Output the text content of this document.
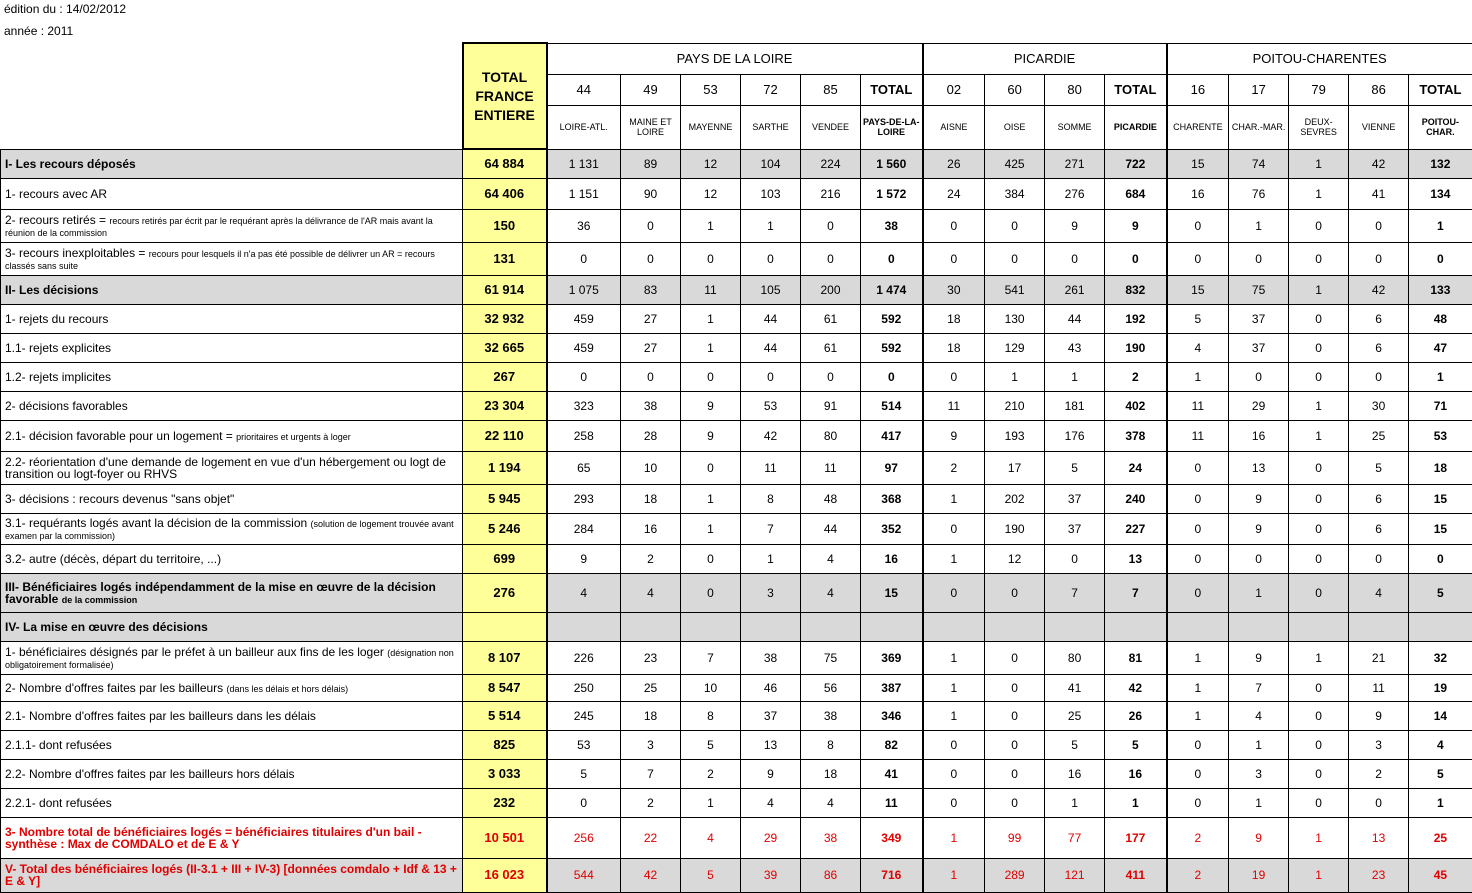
édition du : 14/02/2012
année : 2011
	TOTAL FRANCE ENTIERE	PAYS DE LA LOIRE						PICARDIE				POITOU-CHARENTES				
		44	49	53	72	85	TOTAL	02	60	80	TOTAL	16	17	79	86	TOTAL
		LOIRE-ATL.	MAINE ET LOIRE	MAYENNE	SARTHE	VENDEE	PAYS-DE-LA-LOIRE	AISNE	OISE	SOMME	PICARDIE	CHARENTE	CHAR.-MAR.	DEUX-SEVRES	VIENNE	POITOU-CHAR.
I- Les recours déposés	64 884	1 131	89	12	104	224	1 560	26	425	271	722	15	74	1	42	132
1- recours avec AR	64 406	1 151	90	12	103	216	1 572	24	384	276	684	16	76	1	41	134
2- recours retirés = recours retirés par écrit par le requérant après la délivrance de l'AR mais avant la réunion de la commission	150	36	0	1	1	0	38	0	0	9	9	0	1	0	0	1
3- recours inexploitables = recours pour lesquels il n'a pas été possible de délivrer un AR = recours classés sans suite	131	0	0	0	0	0	0	0	0	0	0	0	0	0	0	0
II- Les décisions	61 914	1 075	83	11	105	200	1 474	30	541	261	832	15	75	1	42	133
1- rejets du recours	32 932	459	27	1	44	61	592	18	130	44	192	5	37	0	6	48
1.1- rejets explicites	32 665	459	27	1	44	61	592	18	129	43	190	4	37	0	6	47
1.2- rejets implicites	267	0	0	0	0	0	0	0	1	1	2	1	0	0	0	1
2- décisions favorables	23 304	323	38	9	53	91	514	11	210	181	402	11	29	1	30	71
2.1- décision favorable pour un logement = prioritaires et urgents à loger	22 110	258	28	9	42	80	417	9	193	176	378	11	16	1	25	53
2.2- réorientation d'une demande de logement en vue d'un hébergement ou logt de transition ou logt-foyer ou RHVS	1 194	65	10	0	11	11	97	2	17	5	24	0	13	0	5	18
3- décisions : recours devenus "sans objet"	5 945	293	18	1	8	48	368	1	202	37	240	0	9	0	6	15
3.1- requérants logés avant la décision de la commission (solution de logement trouvée avant examen par la commission)	5 246	284	16	1	7	44	352	0	190	37	227	0	9	0	6	15
3.2- autre (décès, départ du territoire, ...)	699	9	2	0	1	4	16	1	12	0	13	0	0	0	0	0
III- Bénéficiaires logés indépendamment de la mise en œuvre de la décision favorable de la commission	276	4	4	0	3	4	15	0	0	7	7	0	1	0	4	5
IV- La mise en œuvre des décisions																
1- bénéficiaires désignés par le préfet à un bailleur aux fins de les loger (désignation non obligatoirement formalisée)	8 107	226	23	7	38	75	369	1	0	80	81	1	9	1	21	32
2- Nombre d'offres faites par les bailleurs (dans les délais et hors délais)	8 547	250	25	10	46	56	387	1	0	41	42	1	7	0	11	19
2.1- Nombre d'offres faites par les bailleurs dans les délais	5 514	245	18	8	37	38	346	1	0	25	26	1	4	0	9	14
2.1.1- dont refusées	825	53	3	5	13	8	82	0	0	5	5	0	1	0	3	4
2.2- Nombre d'offres faites par les bailleurs hors délais	3 033	5	7	2	9	18	41	0	0	16	16	0	3	0	2	5
2.2.1- dont refusées	232	0	2	1	4	4	11	0	0	1	1	0	1	0	0	1
3- Nombre total de bénéficiaires logés = bénéficiaires titulaires d'un bail - synthèse : Max de COMDALO et de E & Y	10 501	256	22	4	29	38	349	1	99	77	177	2	9	1	13	25
V- Total des bénéficiaires logés (II-3.1 + III + IV-3) [données comdalo + Idf & 13 + E & Y]	16 023	544	42	5	39	86	716	1	289	121	411	2	19	1	23	45
